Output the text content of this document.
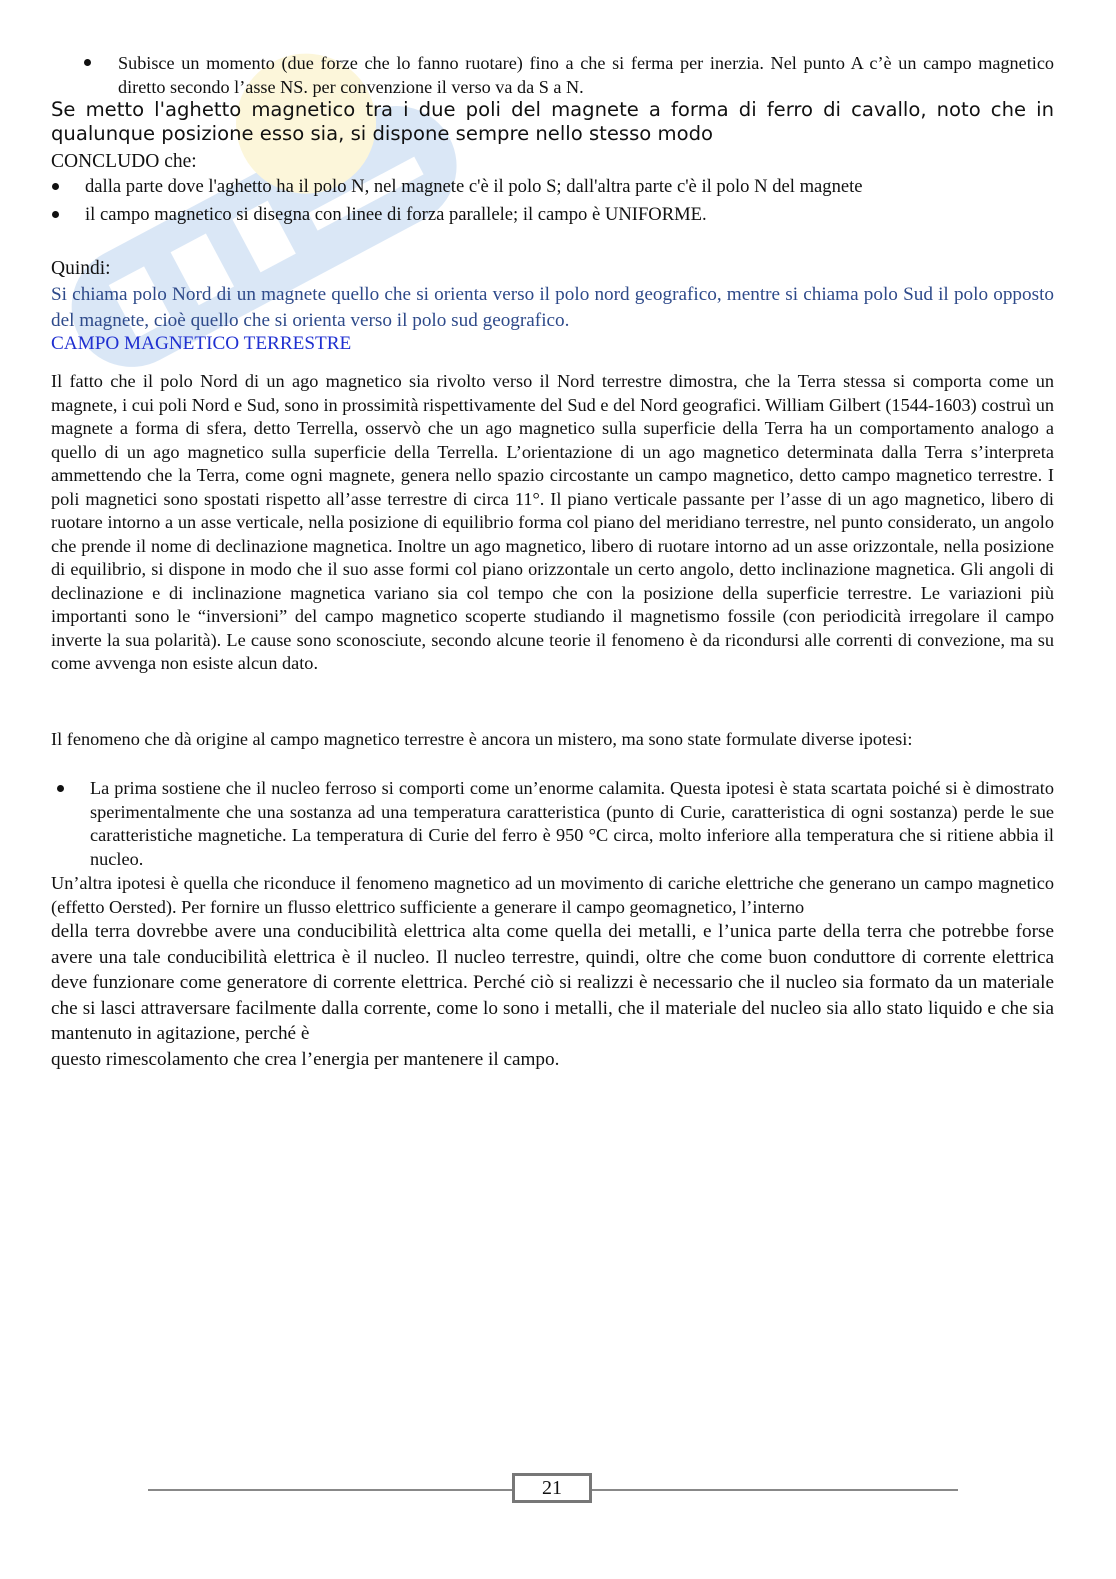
Subisce un momento (due forze che lo fanno ruotare) fino a che si ferma per inerzia. Nel punto A c’è un campo magnetico diretto secondo l’asse NS. per convenzione il verso va da S a N.

Se metto l'aghetto magnetico tra i due poli del magnete a forma di ferro di cavallo, noto che in qualunque posizione esso sia, si dispone sempre nello stesso modo

CONCLUDO che:
dalla parte dove l'aghetto ha il polo N, nel magnete c'è il polo S; dall'altra parte c'è il polo N del magnete
il campo magnetico si disegna con linee di forza parallele; il campo è UNIFORME.
Quindi:

Si chiama polo Nord di un magnete quello che si orienta verso il polo nord geografico, mentre si chiama polo Sud il polo opposto del magnete, cioè quello che si orienta verso il polo sud geografico.

CAMPO MAGNETICO TERRESTRE

Il fatto che il polo Nord di un ago magnetico sia rivolto verso il Nord terrestre dimostra, che la Terra stessa si comporta come un magnete, i cui poli Nord e Sud, sono in prossimità rispettivamente del Sud e del Nord geografici. William Gilbert (1544-1603) costruì un magnete a forma di sfera, detto Terrella, osservò che un ago magnetico sulla superficie della Terra ha un comportamento analogo a quello di un ago magnetico sulla superficie della Terrella. L’orientazione di un ago magnetico determinata dalla Terra s’interpreta ammettendo che la Terra, come ogni magnete, genera nello spazio circostante un campo magnetico, detto campo magnetico terrestre. I poli magnetici sono spostati rispetto all’asse terrestre di circa 11°. Il piano verticale passante per l’asse di un ago magnetico, libero di ruotare intorno a un asse verticale, nella posizione di equilibrio forma col piano del meridiano terrestre, nel punto considerato, un angolo che prende il nome di declinazione magnetica. Inoltre un ago magnetico, libero di ruotare intorno ad un asse orizzontale, nella posizione di equilibrio, si dispone in modo che il suo asse formi col piano orizzontale un certo angolo, detto inclinazione magnetica. Gli angoli di declinazione e di inclinazione magnetica variano sia col tempo che con la posizione della superficie terrestre. Le variazioni più importanti sono le “inversioni” del campo magnetico scoperte studiando il magnetismo fossile (con periodicità irregolare il campo inverte la sua polarità). Le cause sono sconosciute, secondo alcune teorie il fenomeno è da ricondursi alle correnti di convezione, ma su come avvenga non esiste alcun dato.

Il fenomeno che dà origine al campo magnetico terrestre è ancora un mistero, ma sono state formulate diverse ipotesi:

La prima sostiene che il nucleo ferroso si comporti come un’enorme calamita. Questa ipotesi è stata scartata poiché si è dimostrato sperimentalmente che una sostanza ad una temperatura caratteristica (punto di Curie, caratteristica di ogni sostanza) perde le sue caratteristiche magnetiche. La temperatura di Curie del ferro è 950 °C circa, molto inferiore alla temperatura che si ritiene abbia il nucleo.

Un’altra ipotesi è quella che riconduce il fenomeno magnetico ad un movimento di cariche elettriche che generano un campo magnetico (effetto Oersted). Per fornire un flusso elettrico sufficiente a generare il campo geomagnetico, l’interno

della terra dovrebbe avere una conducibilità elettrica alta come quella dei metalli, e l’unica parte della terra che potrebbe forse avere una tale conducibilità elettrica è il nucleo. Il nucleo terrestre, quindi, oltre che come buon conduttore di corrente elettrica deve funzionare come generatore di corrente elettrica. Perché ciò si realizzi è necessario che il nucleo sia formato da un materiale che si lasci attraversare facilmente dalla corrente, come lo sono i metalli, che il materiale del nucleo sia allo stato liquido e che sia mantenuto in agitazione, perché è

questo rimescolamento che crea l’energia per mantenere il campo.

21
